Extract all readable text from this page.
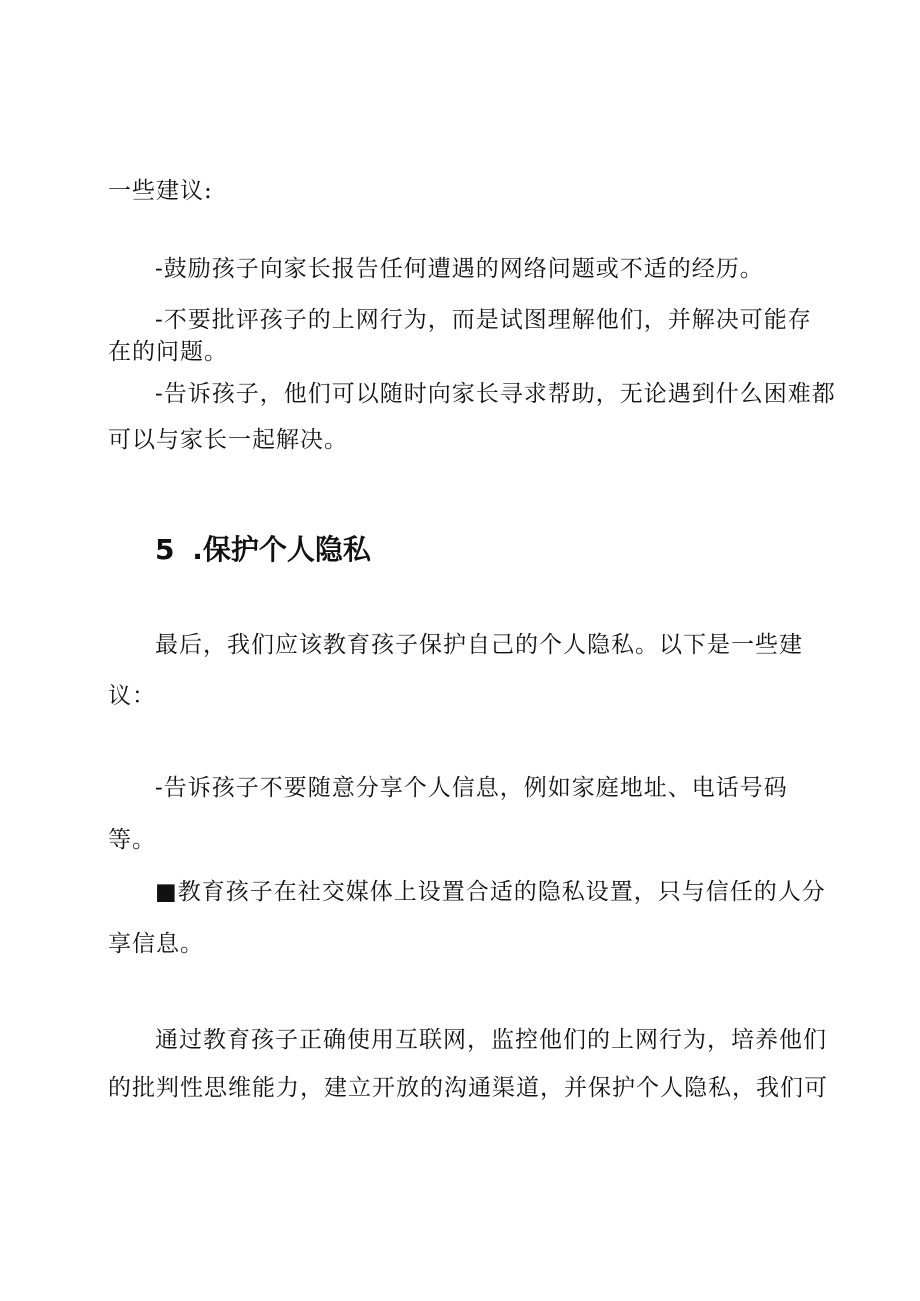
一些建议:
-鼓励孩子向家长报告任何遭遇的网络问题或不适的经历。
-不要批评孩子的上网行为，而是试图理解他们，并解决可能存
在的问题。
-告诉孩子，他们可以随时向家长寻求帮助，无论遇到什么困难都
可以与家长一起解决。
5 .保护个人隐私
最后，我们应该教育孩子保护自己的个人隐私。以下是一些建
议：
-告诉孩子不要随意分享个人信息，例如家庭地址、电话号码
等。
■教育孩子在社交媒体上设置合适的隐私设置，只与信任的人分
享信息。
通过教育孩子正确使用互联网，监控他们的上网行为，培养他们
的批判性思维能力，建立开放的沟通渠道，并保护个人隐私，我们可
